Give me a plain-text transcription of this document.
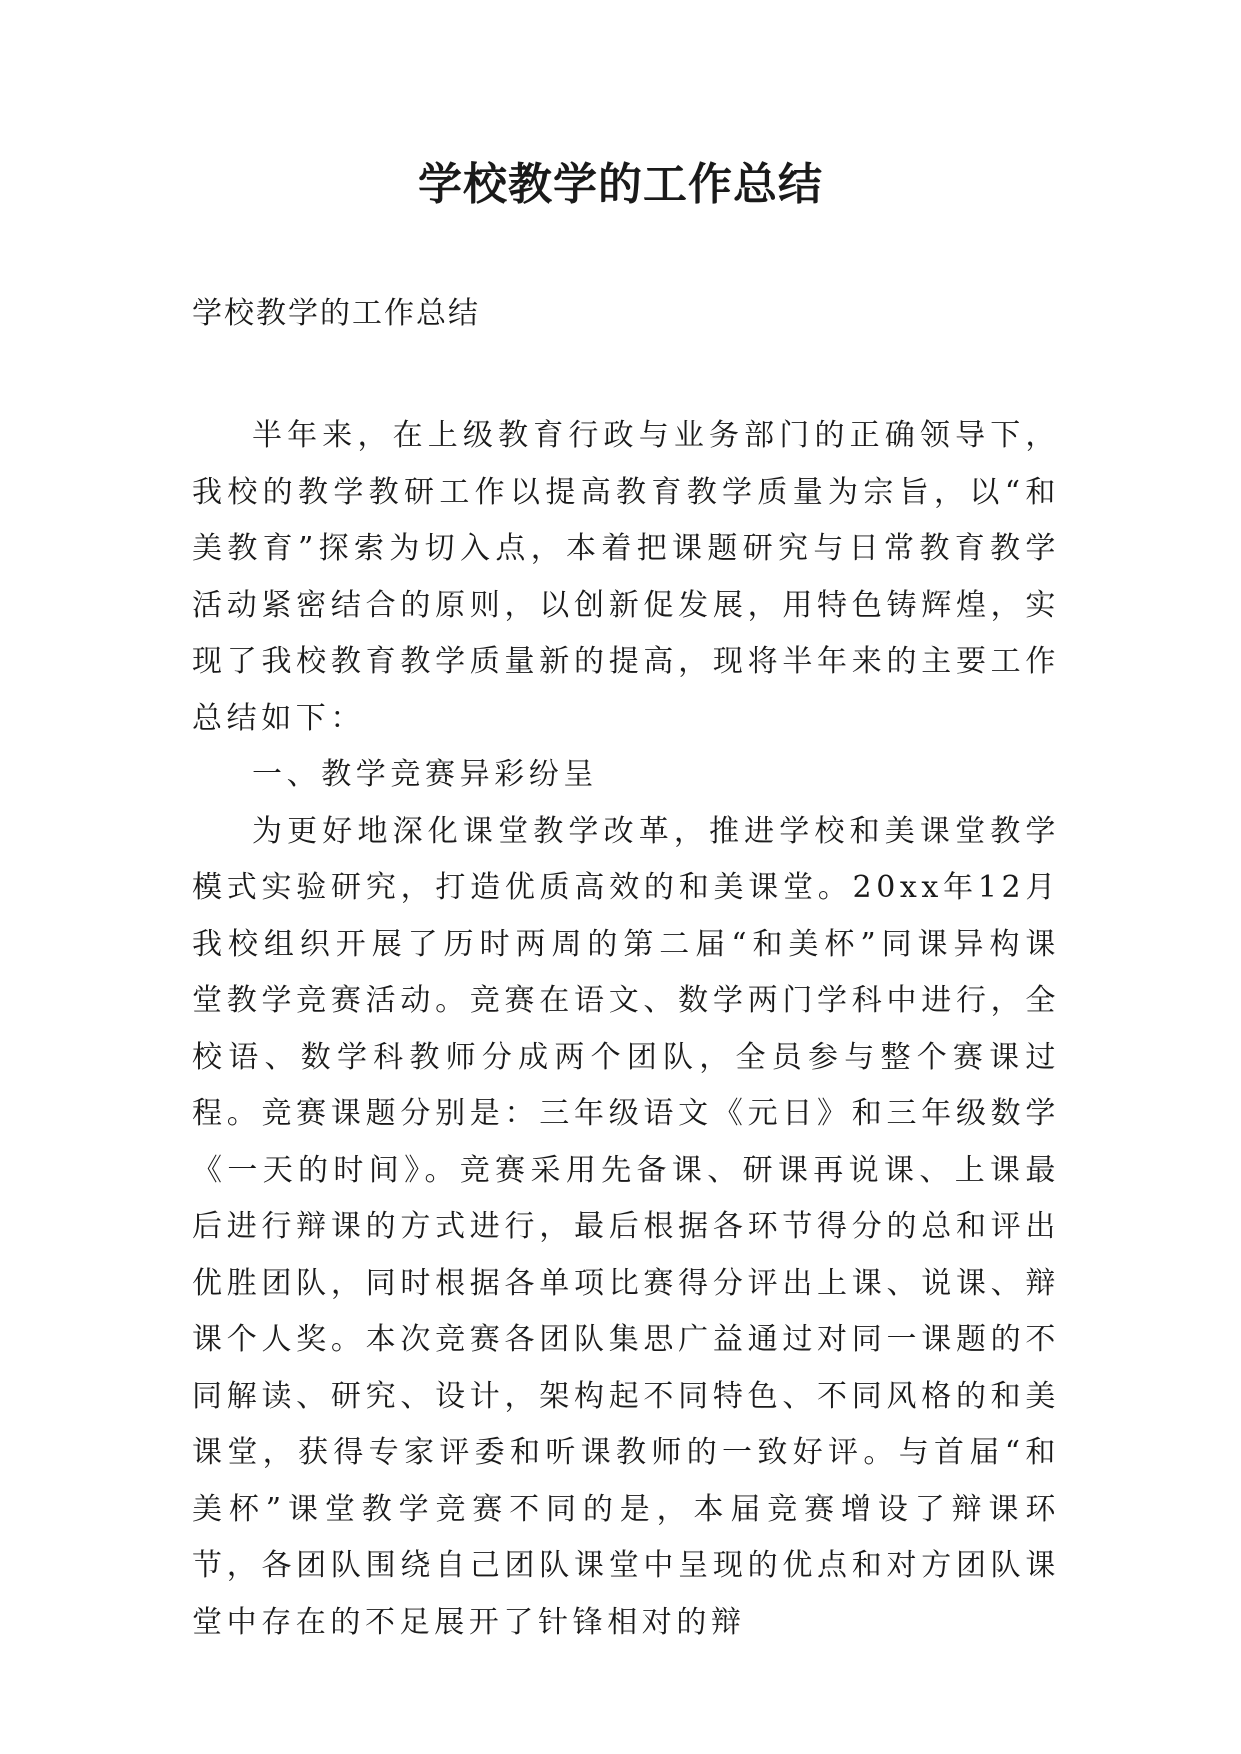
学校教学的工作总结

学校教学的工作总结

半年来，在上级教育行政与业务部门的正确领导下，我校的教学教研工作以提高教育教学质量为宗旨，以“和美教育”探索为切入点，本着把课题研究与日常教育教学活动紧密结合的原则，以创新促发展，用特色铸辉煌，实现了我校教育教学质量新的提高，现将半年来的主要工作总结如下：

一、教学竞赛异彩纷呈

为更好地深化课堂教学改革，推进学校和美课堂教学模式实验研究，打造优质高效的和美课堂。20xx年12月我校组织开展了历时两周的第二届“和美杯”同课异构课堂教学竞赛活动。竞赛在语文、数学两门学科中进行，全校语、数学科教师分成两个团队，全员参与整个赛课过程。竞赛课题分别是：三年级语文《元日》和三年级数学《一天的时间》。竞赛采用先备课、研课再说课、上课最后进行辩课的方式进行，最后根据各环节得分的总和评出优胜团队，同时根据各单项比赛得分评出上课、说课、辩课个人奖。本次竞赛各团队集思广益通过对同一课题的不同解读、研究、设计，架构起不同特色、不同风格的和美课堂，获得专家评委和听课教师的一致好评。与首届“和美杯”课堂教学竞赛不同的是，本届竞赛增设了辩课环节，各团队围绕自己团队课堂中呈现的优点和对方团队课堂中存在的不足展开了针锋相对的辩
